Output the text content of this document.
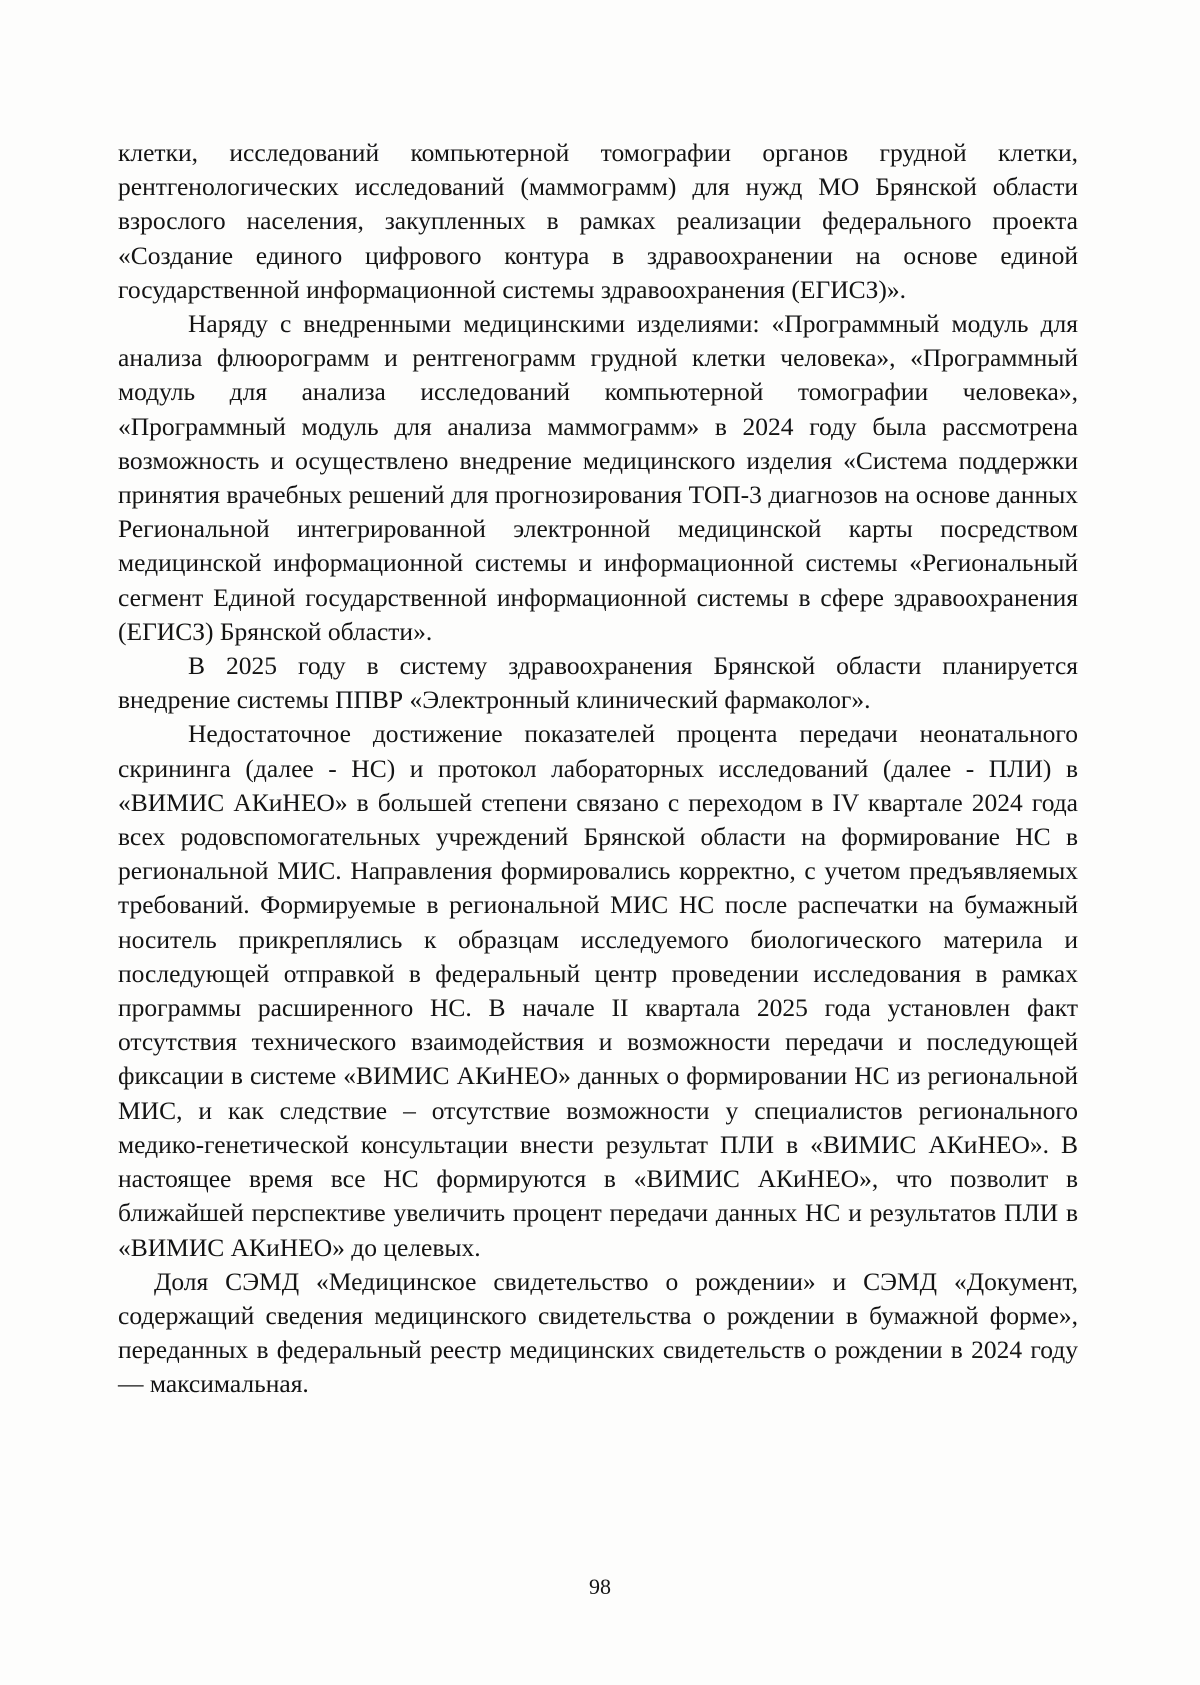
клетки, исследований компьютерной томографии органов грудной клетки, рентгенологических исследований (маммограмм) для нужд МО Брянской области взрослого населения, закупленных в рамках реализации федерального проекта «Создание единого цифрового контура в здравоохранении на основе единой государственной информационной системы здравоохранения (ЕГИСЗ)».

Наряду с внедренными медицинскими изделиями: «Программный модуль для анализа флюорограмм и рентгенограмм грудной клетки человека», «Программный модуль для анализа исследований компьютерной томографии человека», «Программный модуль для анализа маммограмм» в 2024 году была рассмотрена возможность и осуществлено внедрение медицинского изделия «Система поддержки принятия врачебных решений для прогнозирования ТОП-3 диагнозов на основе данных Региональной интегрированной электронной медицинской карты посредством медицинской информационной системы и информационной системы «Региональный сегмент Единой государственной информационной системы в сфере здравоохранения (ЕГИСЗ) Брянской области».

В 2025 году в систему здравоохранения Брянской области планируется внедрение системы ППВР «Электронный клинический фармаколог».

Недостаточное достижение показателей процента передачи неонатального скрининга (далее - НС) и протокол лабораторных исследований (далее - ПЛИ) в «ВИМИС АКиНЕО» в большей степени связано с переходом в IV квартале 2024 года всех родовспомогательных учреждений Брянской области на формирование НС в региональной МИС. Направления формировались корректно, с учетом предъявляемых требований. Формируемые в региональной МИС НС после распечатки на бумажный носитель прикреплялись к образцам исследуемого биологического материла и последующей отправкой в федеральный центр проведении исследования в рамках программы расширенного НС. В начале II квартала 2025 года установлен факт отсутствия технического взаимодействия и возможности передачи и последующей фиксации в системе «ВИМИС АКиНЕО» данных о формировании НС из региональной МИС, и как следствие – отсутствие возможности у специалистов регионального медико-генетической консультации внести результат ПЛИ в «ВИМИС АКиНЕО». В настоящее время все НС формируются в «ВИМИС АКиНЕО», что позволит в ближайшей перспективе увеличить процент передачи данных НС и результатов ПЛИ в «ВИМИС АКиНЕО» до целевых.

Доля СЭМД «Медицинское свидетельство о рождении» и СЭМД «Документ, содержащий сведения медицинского свидетельства о рождении в бумажной форме», переданных в федеральный реестр медицинских свидетельств о рождении в 2024 году — максимальная.

98
